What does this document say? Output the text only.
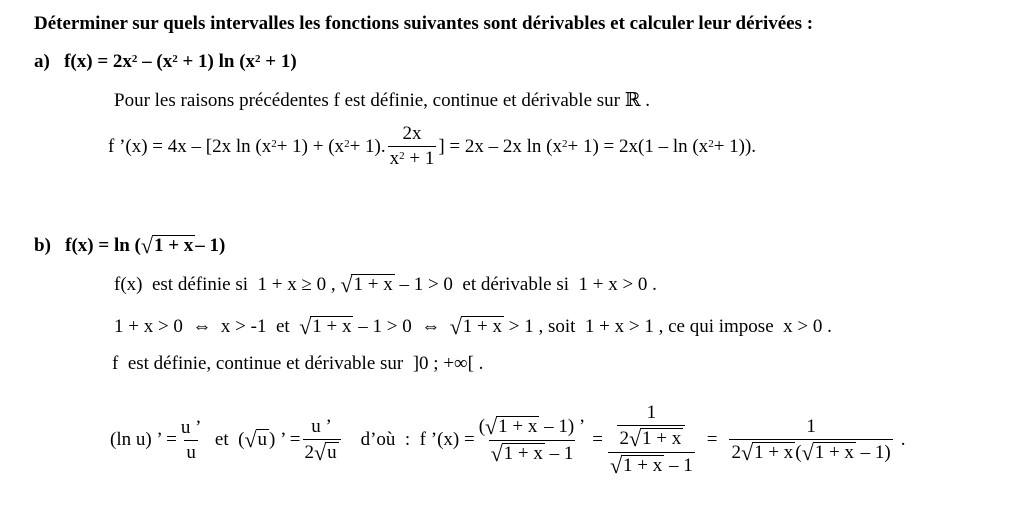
Déterminer sur quels intervalles les fonctions suivantes sont dérivables et calculer leur dérivées :
a) $f(x) = 2x^2 - (x^2 + 1)$ $\ln (x^2 + 1)$
Pour les raisons précédentes f est définie, continue et dérivable sur ℝ .
f ’(x) = 4x – [2x $\ln (x^2 + 1) + (x^2 + 1)$. $\frac{2x}{x^2 + 1}$ ] = 2x – 2x $\ln (x^2 + 1) = 2x(1 - \ln (x^2 + 1))$.
b)
f(x) = ln ( √ 1 + x – 1)
f(x)  est définie si  1 + x ≥ 0 , √ 1 + x – 1 > 0  et dérivable si  1 + x > 0 .
1 + x > 0  ⇔  x > -1  et √ 1 + x – 1 > 0  ⇔ √ 1 + x > 1 , soit  1 + x > 1 , ce qui impose  x > 0 .
f  est définie, continue et dérivable sur  ]0 ; +∞[ .
(ln u) ’ = $\frac{u ’}{u}$ et  ( √ u ) ’ = $\frac{u ’}{2 √ u}$ d’où  :  f ’(x) = $\frac{( √ 1 + x - 1) ’}{√ 1 + x - 1} = \frac{\frac{1}{2 √ 1 + x}}{√ 1 + x - 1} = \frac{1}{2 √ 1 + x ( √ 1 + x - 1)}$ .
